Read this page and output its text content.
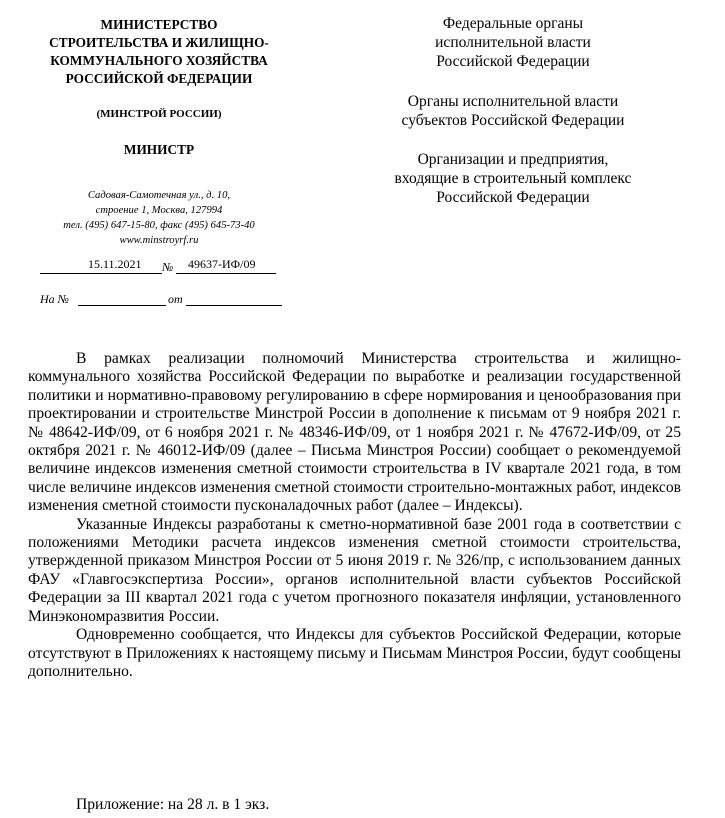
МИНИСТЕРСТВО
СТРОИТЕЛЬСТВА И ЖИЛИЩНО-
КОММУНАЛЬНОГО ХОЗЯЙСТВА
РОССИЙСКОЙ ФЕДЕРАЦИИ
(МИНСТРОЙ РОССИИ)
МИНИСТР
Садовая-Самотечная ул., д. 10,
строение 1, Москва, 127994
тел. (495) 647-15-80, факс (495) 645-73-40
www.minstroyrf.ru
15.11.2021 № 49637-ИФ/09
На №	от
Федеральные органы
исполнительной власти
Российской Федерации
Органы исполнительной власти
субъектов Российской Федерации
Организации и предприятия,
входящие в строительный комплекс
Российской Федерации

В рамках реализации полномочий Министерства строительства и жилищно-коммунального хозяйства Российской Федерации по выработке и реализации государственной политики и нормативно-правовому регулированию в сфере нормирования и ценообразования при проектировании и строительстве Минстрой России в дополнение к письмам от 9 ноября 2021 г. № 48642-ИФ/09, от 6 ноября 2021 г. № 48346-ИФ/09, от 1 ноября 2021 г. № 47672-ИФ/09, от 25 октября 2021 г. № 46012-ИФ/09 (далее – Письма Минстроя России) сообщает о рекомендуемой величине индексов изменения сметной стоимости строительства в IV квартале 2021 года, в том числе величине индексов изменения сметной стоимости строительно-монтажных работ, индексов изменения сметной стоимости пусконаладочных работ (далее – Индексы).

Указанные Индексы разработаны к сметно-нормативной базе 2001 года в соответствии с положениями Методики расчета индексов изменения сметной стоимости строительства, утвержденной приказом Минстроя России от 5 июня 2019 г. № 326/пр, с использованием данных ФАУ «Главгосэкспертиза России», органов исполнительной власти субъектов Российской Федерации за III квартал 2021 года с учетом прогнозного показателя инфляции, установленного Минэкономразвития России.

Одновременно сообщается, что Индексы для субъектов Российской Федерации, которые отсутствуют в Приложениях к настоящему письму и Письмам Минстроя России, будут сообщены дополнительно.

Приложение: на 28 л. в 1 экз.
